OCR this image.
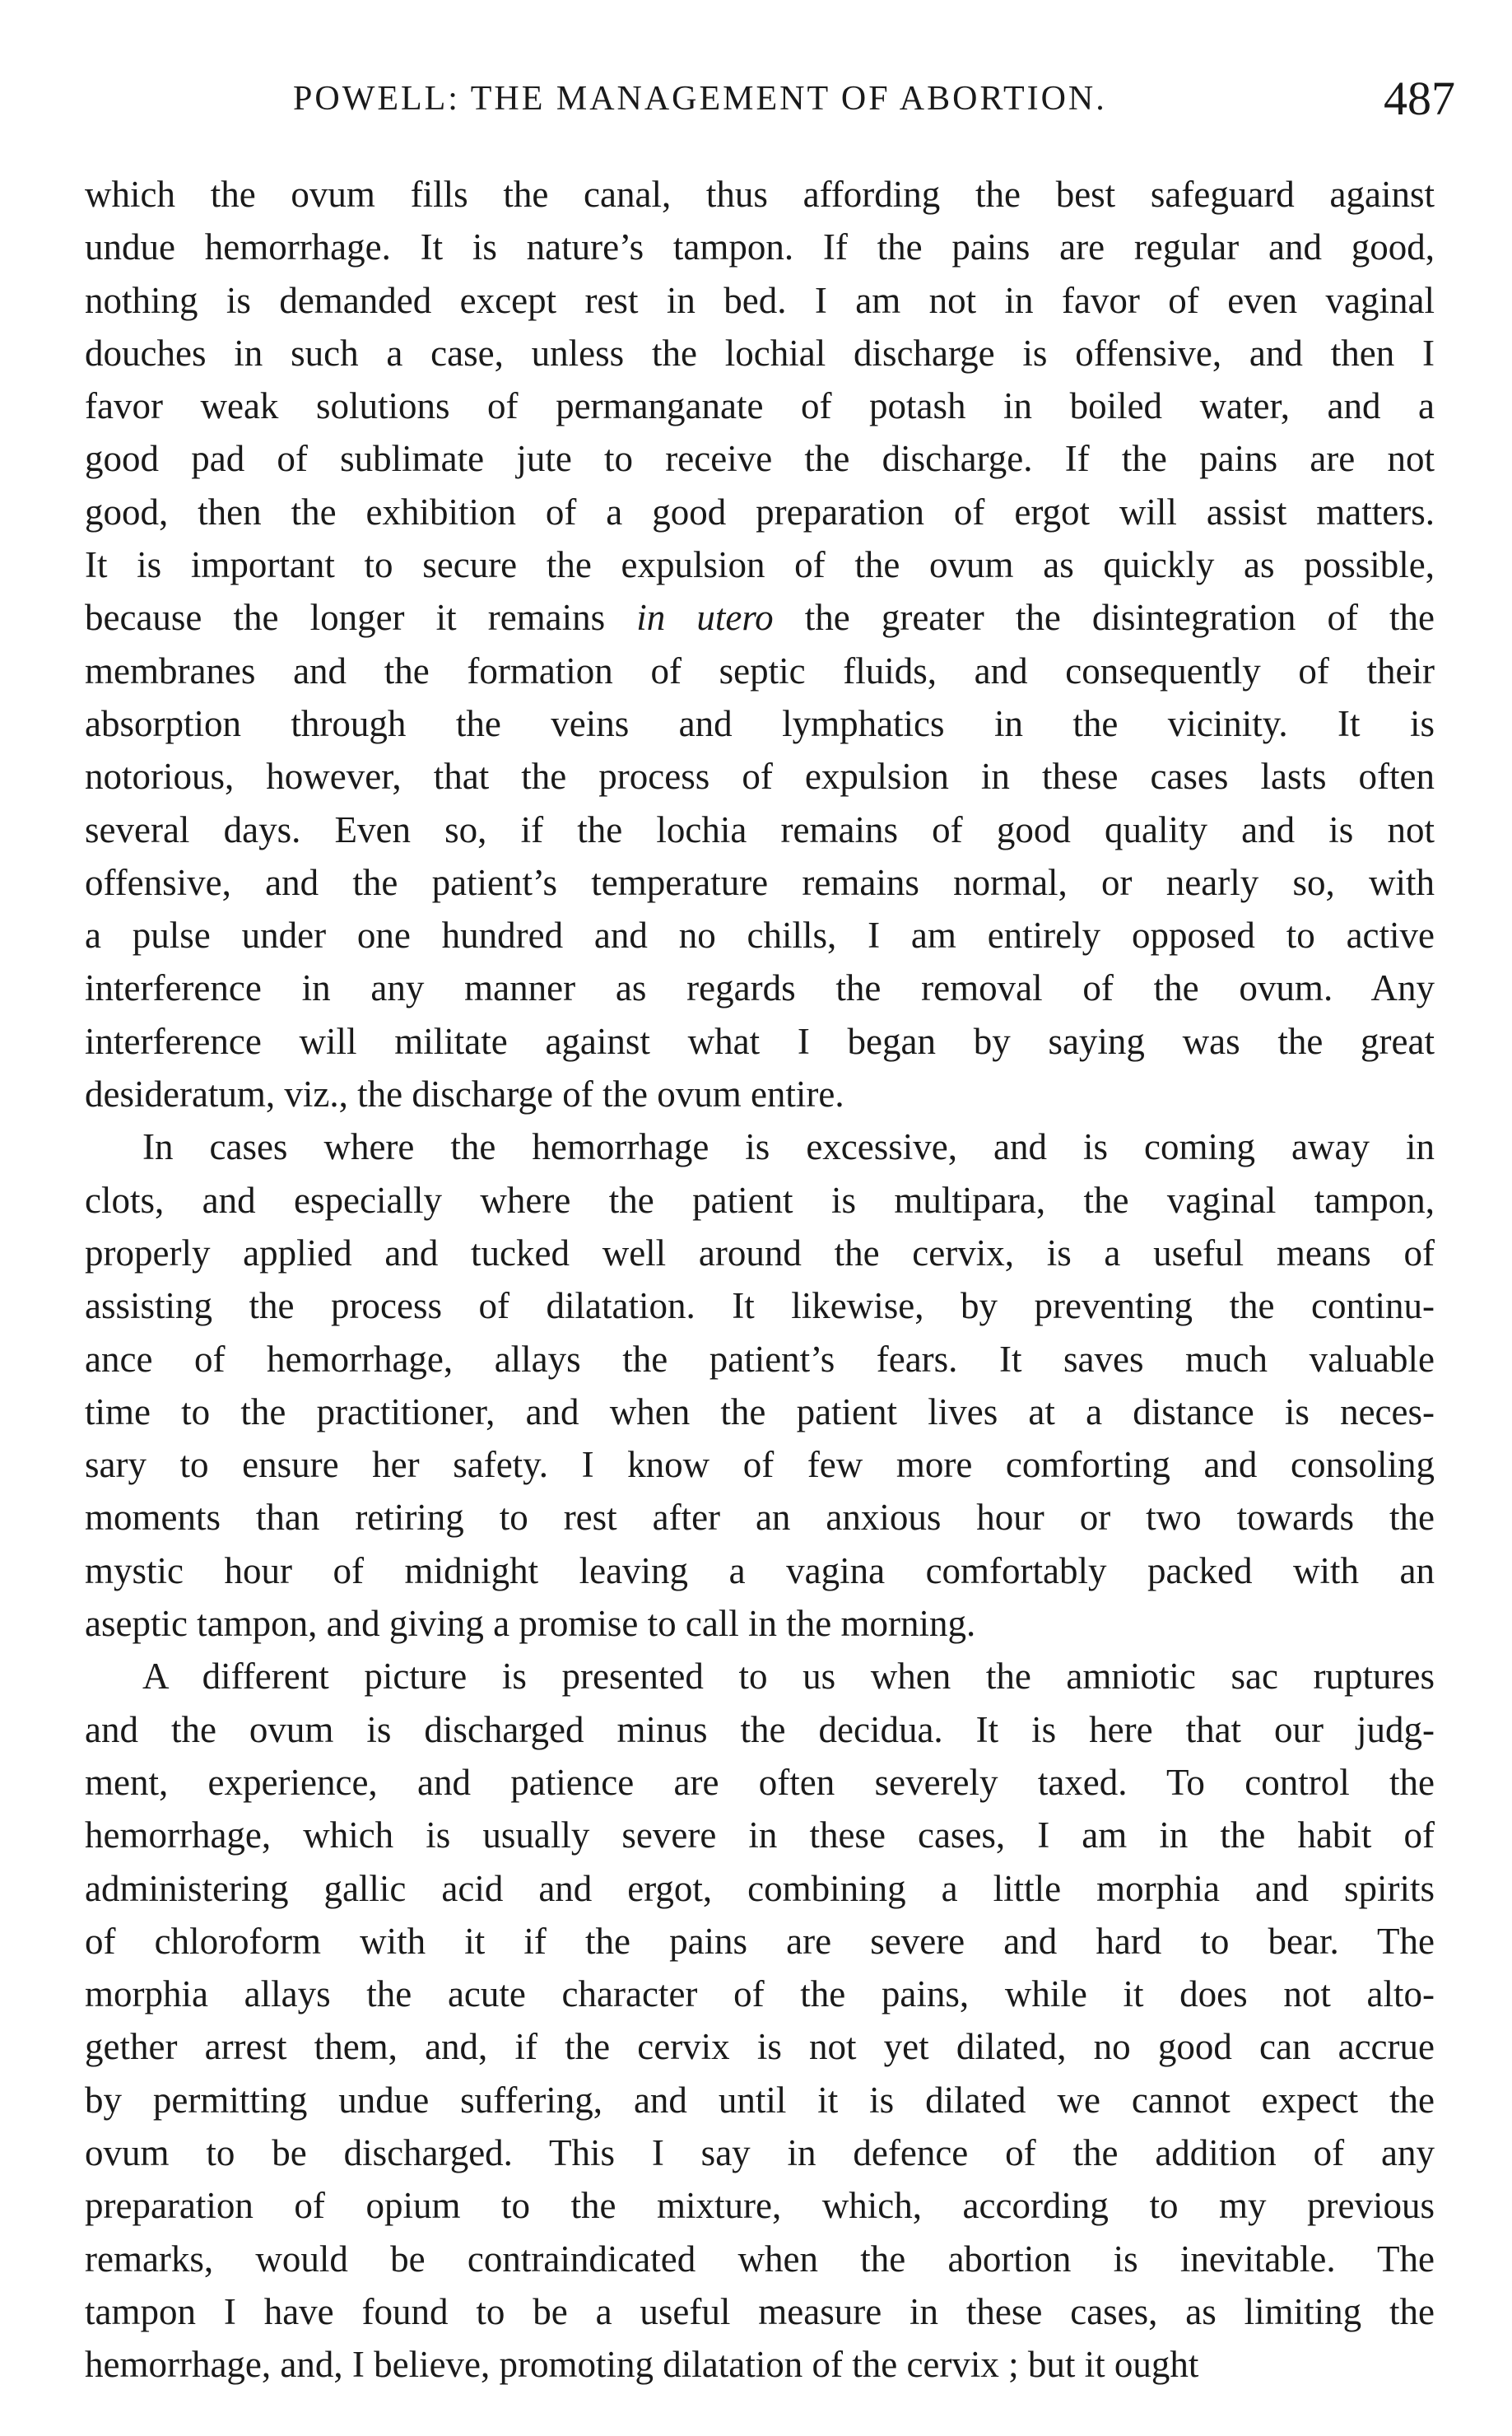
POWELL: THE MANAGEMENT OF ABORTION.	487
which the ovum fills the canal, thus affording the best safeguard against
undue hemorrhage. It is nature’s tampon. If the pains are regular and good,
nothing is demanded except rest in bed. I am not in favor of even vaginal
douches in such a case, unless the lochial discharge is offensive, and then I
favor weak solutions of permanganate of potash in boiled water, and a
good pad of sublimate jute to receive the discharge. If the pains are not
good, then the exhibition of a good preparation of ergot will assist matters.
It is important to secure the expulsion of the ovum as quickly as possible,
because the longer it remains in utero the greater the disintegration of the
membranes and the formation of septic fluids, and consequently of their
absorption through the veins and lymphatics in the vicinity. It is
notorious, however, that the process of expulsion in these cases lasts often
several days. Even so, if the lochia remains of good quality and is not
offensive, and the patient’s temperature remains normal, or nearly so, with
a pulse under one hundred and no chills, I am entirely opposed to active
interference in any manner as regards the removal of the ovum. Any
interference will militate against what I began by saying was the great
desideratum, viz., the discharge of the ovum entire.
In cases where the hemorrhage is excessive, and is coming away in
clots, and especially where the patient is multipara, the vaginal tampon,
properly applied and tucked well around the cervix, is a useful means of
assisting the process of dilatation. It likewise, by preventing the continu-
ance of hemorrhage, allays the patient’s fears. It saves much valuable
time to the practitioner, and when the patient lives at a distance is neces-
sary to ensure her safety. I know of few more comforting and consoling
moments than retiring to rest after an anxious hour or two towards the
mystic hour of midnight leaving a vagina comfortably packed with an
aseptic tampon, and giving a promise to call in the morning.
A different picture is presented to us when the amniotic sac ruptures
and the ovum is discharged minus the decidua. It is here that our judg-
ment, experience, and patience are often severely taxed. To control the
hemorrhage, which is usually severe in these cases, I am in the habit of
administering gallic acid and ergot, combining a little morphia and spirits
of chloroform with it if the pains are severe and hard to bear. The
morphia allays the acute character of the pains, while it does not alto-
gether arrest them, and, if the cervix is not yet dilated, no good can accrue
by permitting undue suffering, and until it is dilated we cannot expect the
ovum to be discharged. This I say in defence of the addition of any
preparation of opium to the mixture, which, according to my previous
remarks, would be contraindicated when the abortion is inevitable. The
tampon I have found to be a useful measure in these cases, as limiting the
hemorrhage, and, I believe, promoting dilatation of the cervix ; but it ought
